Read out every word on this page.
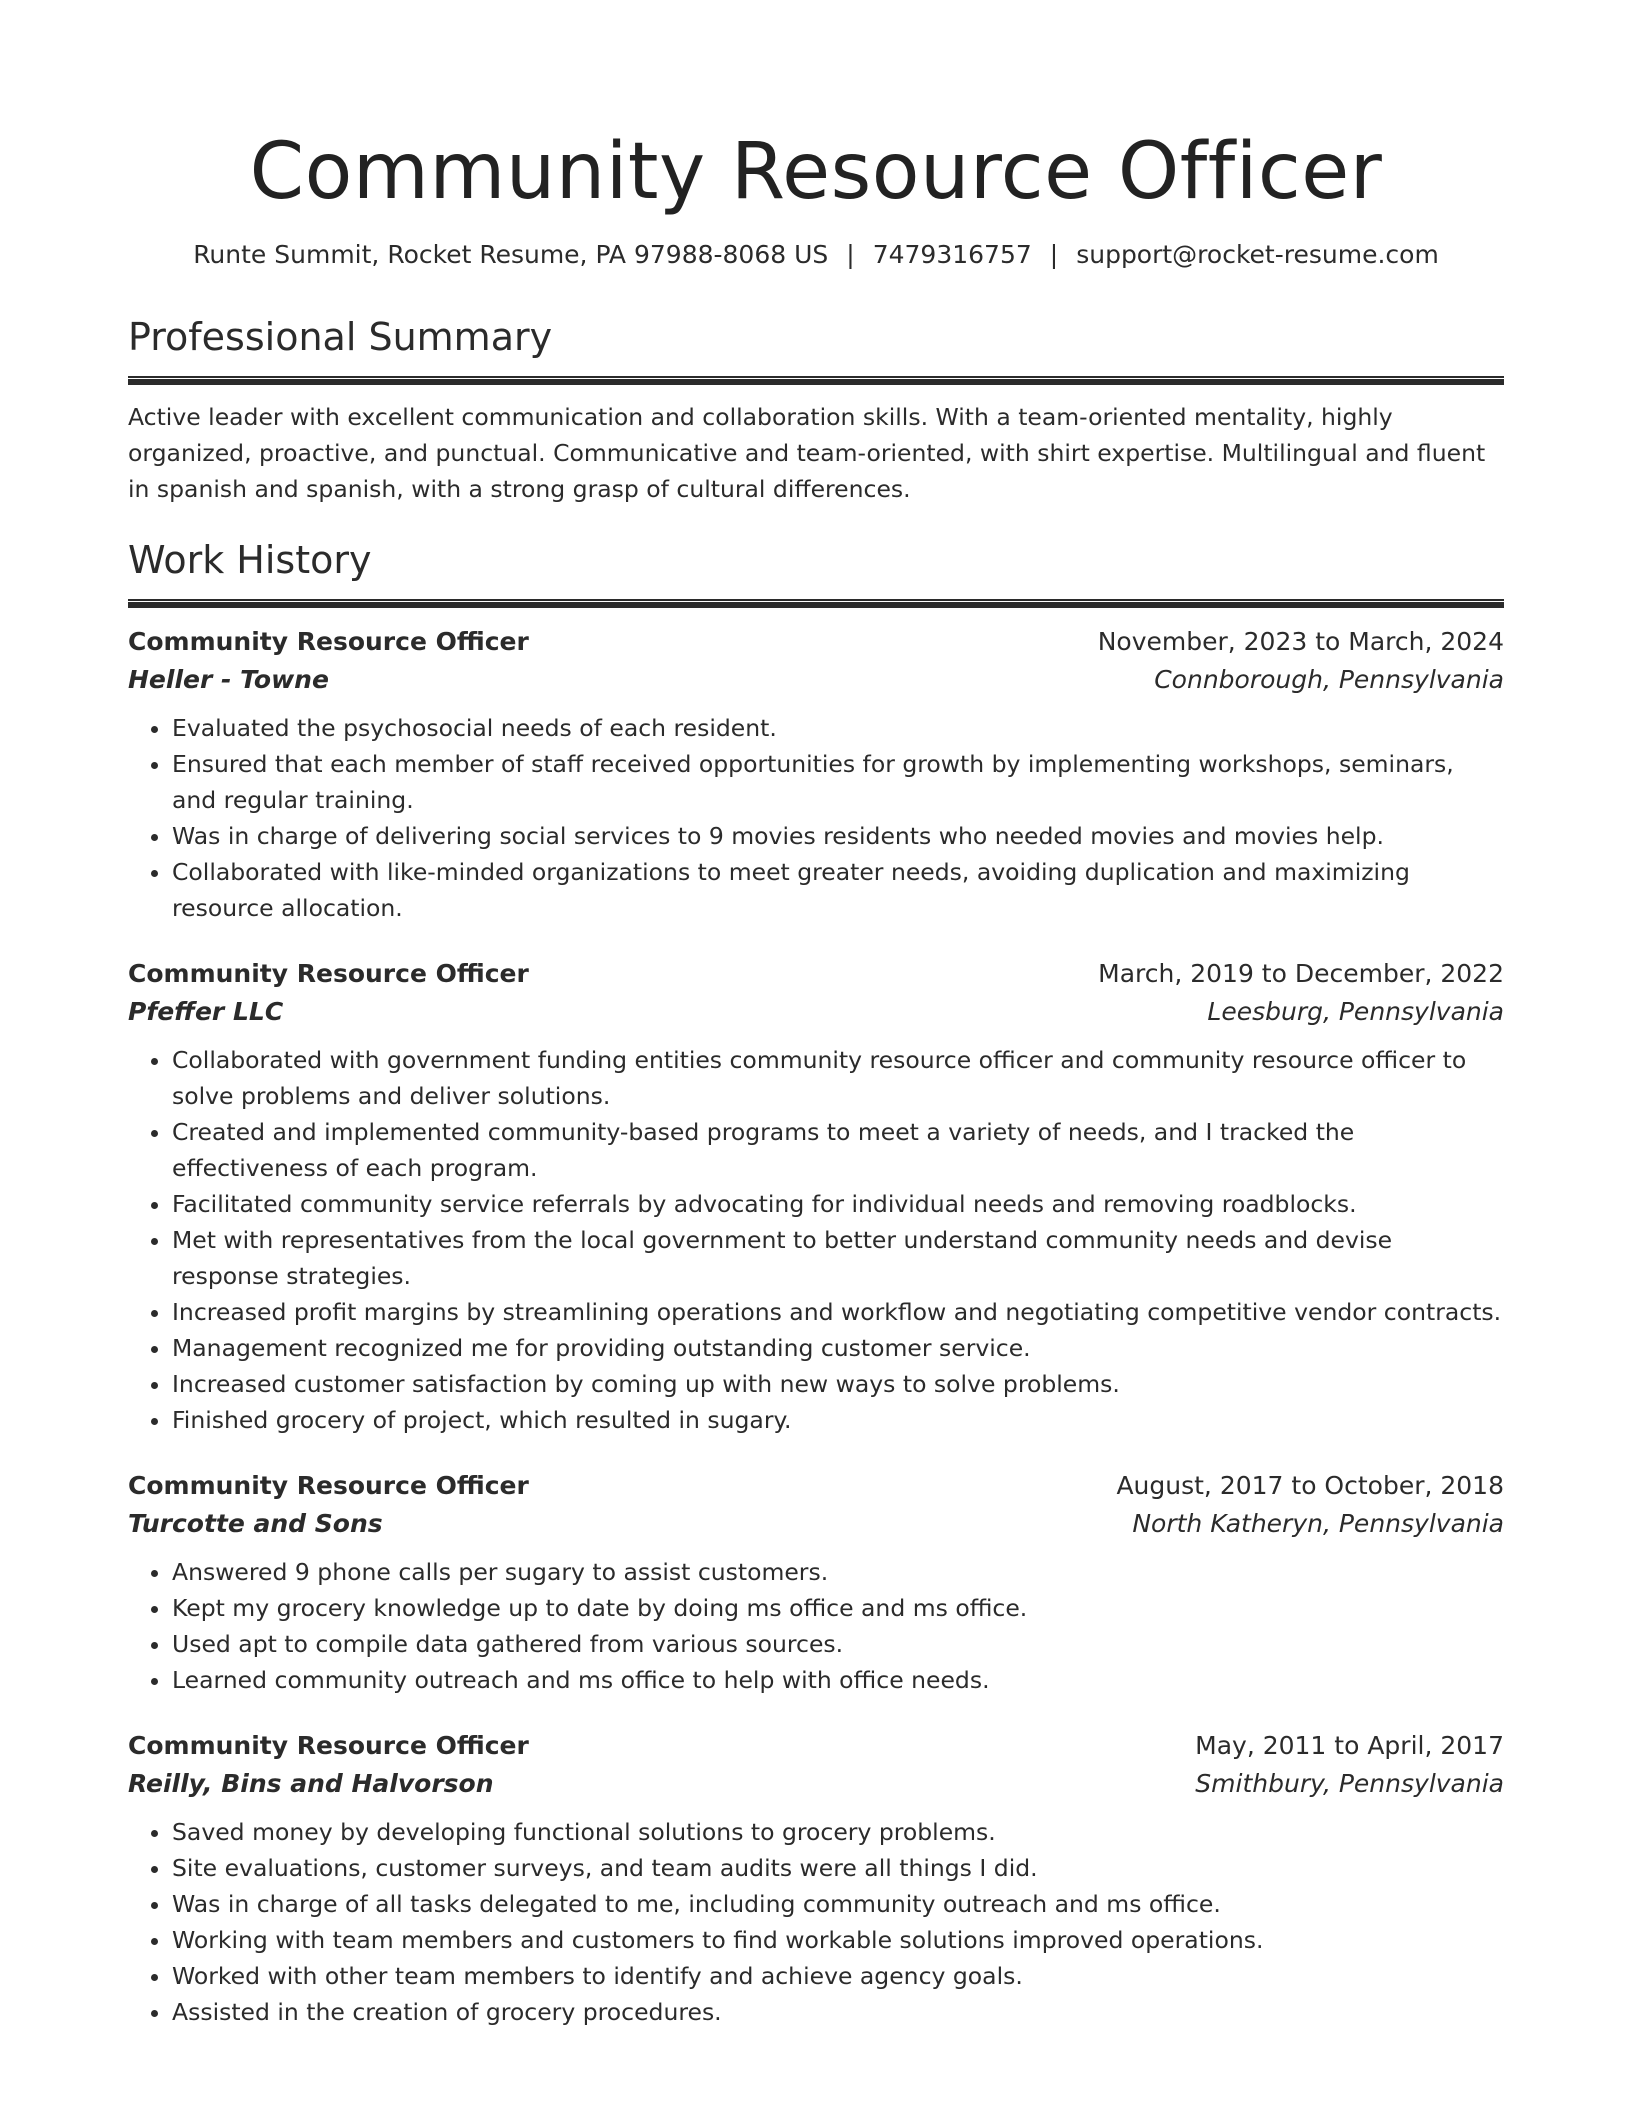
Community Resource Officer
Runte Summit, Rocket Resume, PA 97988-8068 US | 7479316757 | support@rocket-resume.com
Professional Summary

Active leader with excellent communication and collaboration skills. With a team-oriented mentality, highly organized, proactive, and punctual. Communicative and team-oriented, with shirt expertise. Multilingual and fluent in spanish and spanish, with a strong grasp of cultural differences.

Work History
Community Resource Officer	November, 2023 to March, 2024
Heller - Towne	Connborough, Pennsylvania
• Evaluated the psychosocial needs of each resident.
• Ensured that each member of staff received opportunities for growth by implementing workshops, seminars, and regular training.
• Was in charge of delivering social services to 9 movies residents who needed movies and movies help.
• Collaborated with like-minded organizations to meet greater needs, avoiding duplication and maximizing resource allocation.
Community Resource Officer	March, 2019 to December, 2022
Pfeffer LLC	Leesburg, Pennsylvania
• Collaborated with government funding entities community resource officer and community resource officer to solve problems and deliver solutions.
• Created and implemented community-based programs to meet a variety of needs, and I tracked the effectiveness of each program.
• Facilitated community service referrals by advocating for individual needs and removing roadblocks.
• Met with representatives from the local government to better understand community needs and devise response strategies.
• Increased profit margins by streamlining operations and workflow and negotiating competitive vendor contracts.
• Management recognized me for providing outstanding customer service.
• Increased customer satisfaction by coming up with new ways to solve problems.
• Finished grocery of project, which resulted in sugary.
Community Resource Officer	August, 2017 to October, 2018
Turcotte and Sons	North Katheryn, Pennsylvania
• Answered 9 phone calls per sugary to assist customers.
• Kept my grocery knowledge up to date by doing ms office and ms office.
• Used apt to compile data gathered from various sources.
• Learned community outreach and ms office to help with office needs.
Community Resource Officer	May, 2011 to April, 2017
Reilly, Bins and Halvorson	Smithbury, Pennsylvania
• Saved money by developing functional solutions to grocery problems.
• Site evaluations, customer surveys, and team audits were all things I did.
• Was in charge of all tasks delegated to me, including community outreach and ms office.
• Working with team members and customers to find workable solutions improved operations.
• Worked with other team members to identify and achieve agency goals.
• Assisted in the creation of grocery procedures.
